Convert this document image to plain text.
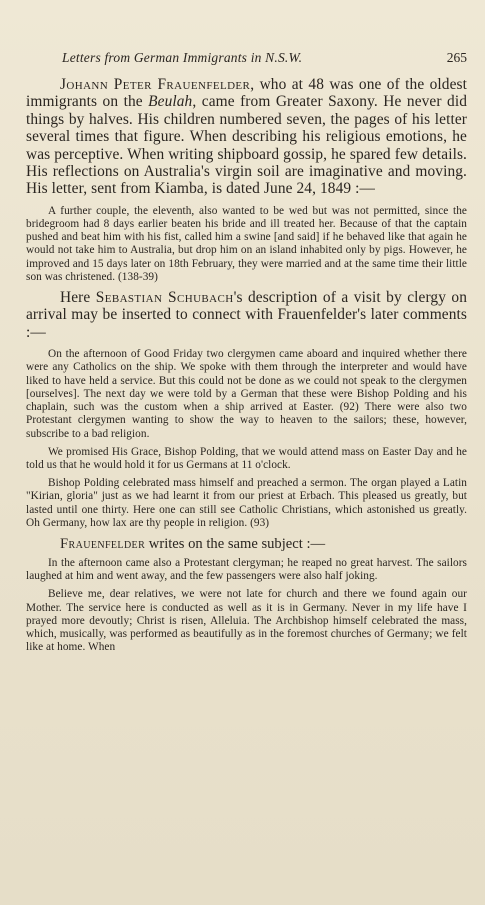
Letters from German Immigrants in N.S.W.	265

Johann Peter Frauenfelder, who at 48 was one of the oldest immigrants on the Beulah, came from Greater Saxony. He never did things by halves. His children numbered seven, the pages of his letter several times that figure. When describing his religious emotions, he was perceptive. When writing shipboard gossip, he spared few details. His reflections on Australia's virgin soil are imaginative and moving. His letter, sent from Kiamba, is dated June 24, 1849 :—

A further couple, the eleventh, also wanted to be wed but was not permitted, since the bridegroom had 8 days earlier beaten his bride and ill treated her. Because of that the captain pushed and beat him with his fist, called him a swine [and said] if he behaved like that again he would not take him to Australia, but drop him on an island inhabited only by pigs. However, he improved and 15 days later on 18th February, they were married and at the same time their little son was christened. (138-39)

Here Sebastian Schubach's description of a visit by clergy on arrival may be inserted to connect with Frauenfelder's later comments :—

On the afternoon of Good Friday two clergymen came aboard and inquired whether there were any Catholics on the ship. We spoke with them through the interpreter and would have liked to have held a service. But this could not be done as we could not speak to the clergymen [ourselves]. The next day we were told by a German that these were Bishop Polding and his chaplain, such was the custom when a ship arrived at Easter. (92) There were also two Protestant clergymen wanting to show the way to heaven to the sailors; these, however, subscribe to a bad religion.

We promised His Grace, Bishop Polding, that we would attend mass on Easter Day and he told us that he would hold it for us Germans at 11 o'clock.

Bishop Polding celebrated mass himself and preached a sermon. The organ played a Latin "Kirian, gloria" just as we had learnt it from our priest at Erbach. This pleased us greatly, but lasted until one thirty. Here one can still see Catholic Christians, which astonished us greatly. Oh Germany, how lax are thy people in religion. (93)

Frauenfelder writes on the same subject :—

In the afternoon came also a Protestant clergyman; he reaped no great harvest. The sailors laughed at him and went away, and the few passengers were also half joking.

Believe me, dear relatives, we were not late for church and there we found again our Mother. The service here is conducted as well as it is in Germany. Never in my life have I prayed more devoutly; Christ is risen, Alleluia. The Archbishop himself celebrated the mass, which, musically, was performed as beautifully as in the foremost churches of Germany; we felt like at home. When
